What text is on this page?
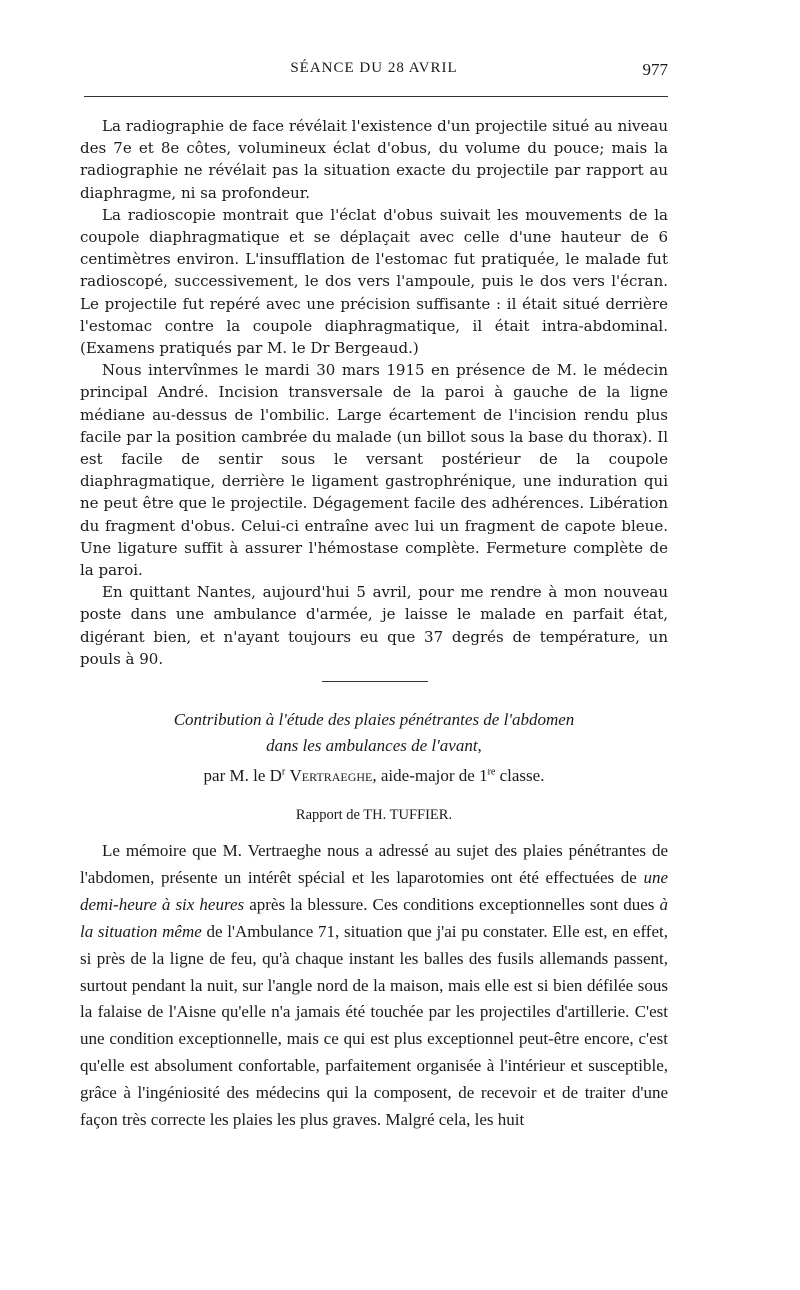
SÉANCE DU 28 AVRIL	977

La radiographie de face révélait l'existence d'un projectile situé au niveau des 7e et 8e côtes, volumineux éclat d'obus, du volume du pouce; mais la radiographie ne révélait pas la situation exacte du projectile par rapport au diaphragme, ni sa profondeur.

La radioscopie montrait que l'éclat d'obus suivait les mouvements de la coupole diaphragmatique et se déplaçait avec celle d'une hauteur de 6 centimètres environ. L'insufflation de l'estomac fut pratiquée, le malade fut radioscopé, successivement, le dos vers l'ampoule, puis le dos vers l'écran. Le projectile fut repéré avec une précision suffisante : il était situé derrière l'estomac contre la coupole diaphragmatique, il était intra-abdominal. (Examens pratiqués par M. le Dr Bergeaud.)

Nous intervînmes le mardi 30 mars 1915 en présence de M. le médecin principal André. Incision transversale de la paroi à gauche de la ligne médiane au-dessus de l'ombilic. Large écartement de l'incision rendu plus facile par la position cambrée du malade (un billot sous la base du thorax). Il est facile de sentir sous le versant postérieur de la coupole diaphragmatique, derrière le ligament gastrophrénique, une induration qui ne peut être que le projectile. Dégagement facile des adhérences. Libération du fragment d'obus. Celui-ci entraîne avec lui un fragment de capote bleue. Une ligature suffit à assurer l'hémostase complète. Fermeture complète de la paroi.

En quittant Nantes, aujourd'hui 5 avril, pour me rendre à mon nouveau poste dans une ambulance d'armée, je laisse le malade en parfait état, digérant bien, et n'ayant toujours eu que 37 degrés de température, un pouls à 90.

Contribution à l'étude des plaies pénétrantes de l'abdomen
dans les ambulances de l'avant,
par M. le $D^r$ Vertraeghe, aide-major de 1re classe.
Rapport de TH. TUFFIER.

Le mémoire que M. Vertraeghe nous a adressé au sujet des plaies pénétrantes de l'abdomen, présente un intérêt spécial et les laparotomies ont été effectuées de une demi-heure à six heures après la blessure. Ces conditions exceptionnelles sont dues à la situation même de l'Ambulance 71, situation que j'ai pu constater. Elle est, en effet, si près de la ligne de feu, qu'à chaque instant les balles des fusils allemands passent, surtout pendant la nuit, sur l'angle nord de la maison, mais elle est si bien défilée sous la falaise de l'Aisne qu'elle n'a jamais été touchée par les projectiles d'artillerie. C'est une condition exceptionnelle, mais ce qui est plus exceptionnel peut-être encore, c'est qu'elle est absolument confortable, parfaitement organisée à l'intérieur et susceptible, grâce à l'ingéniosité des médecins qui la composent, de recevoir et de traiter d'une façon très correcte les plaies les plus graves. Malgré cela, les huit
